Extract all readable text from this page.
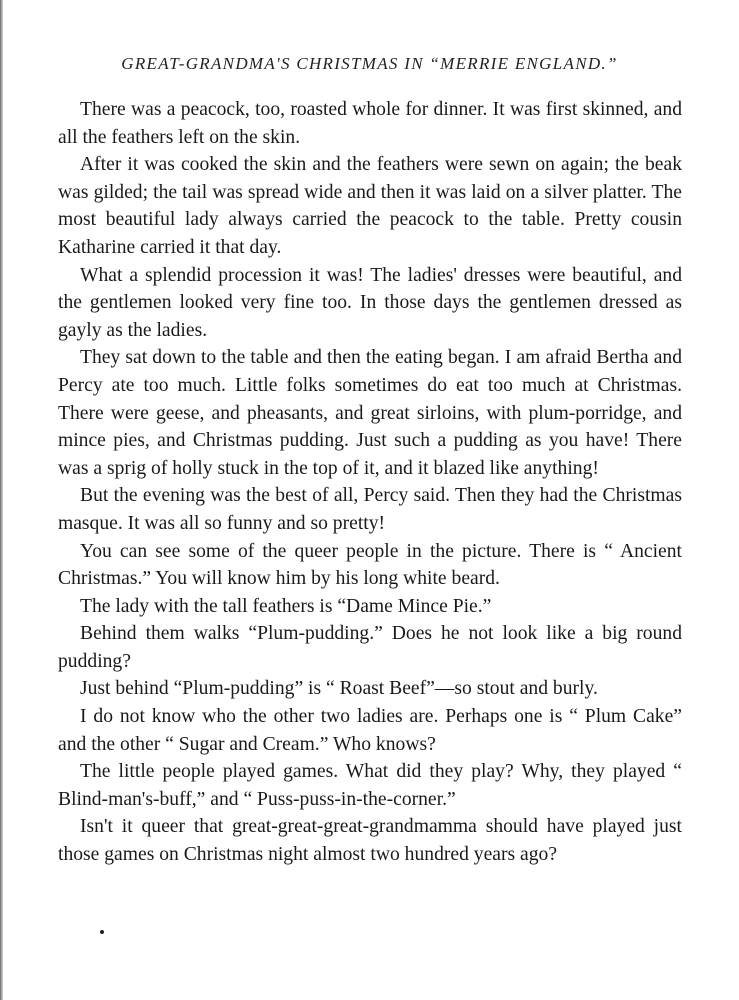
GREAT-GRANDMA'S CHRISTMAS IN “MERRIE ENGLAND.”

There was a peacock, too, roasted whole for dinner. It was first skinned, and all the feathers left on the skin.

After it was cooked the skin and the feathers were sewn on again; the beak was gilded; the tail was spread wide and then it was laid on a silver platter. The most beautiful lady always carried the peacock to the table. Pretty cousin Katharine carried it that day.

What a splendid procession it was! The ladies' dresses were beautiful, and the gentlemen looked very fine too. In those days the gentlemen dressed as gayly as the ladies.

They sat down to the table and then the eating began. I am afraid Bertha and Percy ate too much. Little folks sometimes do eat too much at Christmas. There were geese, and pheasants, and great sirloins, with plum-porridge, and mince pies, and Christmas pudding. Just such a pudding as you have! There was a sprig of holly stuck in the top of it, and it blazed like anything!

But the evening was the best of all, Percy said. Then they had the Christmas masque. It was all so funny and so pretty!

You can see some of the queer people in the picture. There is “ Ancient Christmas.” You will know him by his long white beard.

The lady with the tall feathers is “Dame Mince Pie.”

Behind them walks “Plum-pudding.” Does he not look like a big round pudding?

Just behind “Plum-pudding” is “ Roast Beef”—so stout and burly.

I do not know who the other two ladies are. Perhaps one is “ Plum Cake” and the other “ Sugar and Cream.” Who knows?

The little people played games. What did they play? Why, they played “ Blind-man's-buff,” and “ Puss-puss-in-the-corner.”

Isn't it queer that great-great-great-grandmamma should have played just those games on Christmas night almost two hundred years ago?
